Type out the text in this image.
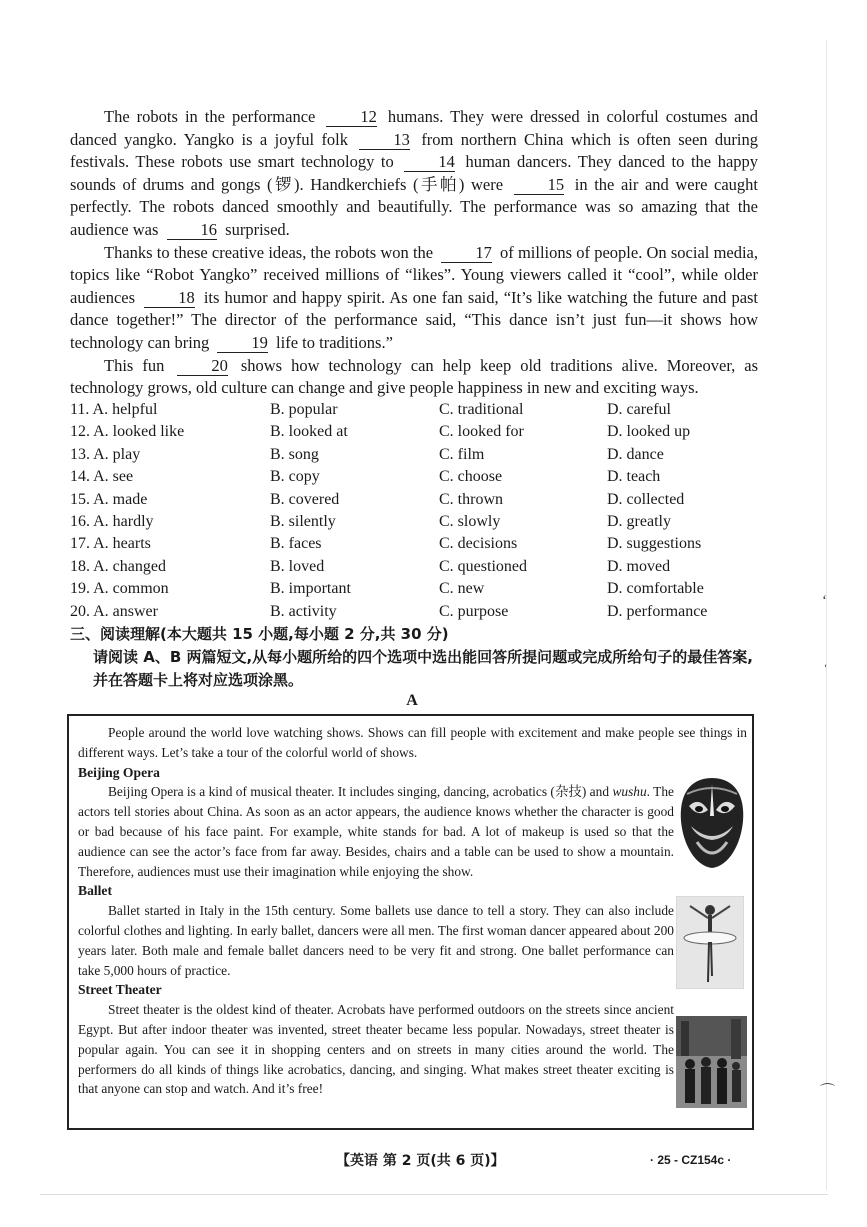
The robots in the performance	12 humans. They were dressed in colorful costumes and danced yangko. Yangko is a joyful folk	13 from northern China which is often seen during festivals. These robots use smart technology to	14 human dancers. They danced to the happy sounds of drums and gongs (锣). Handkerchiefs (手帕) were	15 in the air and were caught perfectly. The robots danced smoothly and beautifully. The performance was so amazing that the audience was	16 surprised.

Thanks to these creative ideas, the robots won the	17 of millions of people. On social media, topics like “Robot Yangko” received millions of “likes”. Young viewers called it “cool”, while older audiences	18 its humor and happy spirit. As one fan said, “It’s like watching the future and past dance together!” The director of the performance said, “This dance isn’t just fun—it shows how technology can bring	19 life to traditions.”

This fun	20 shows how technology can help keep old traditions alive. Moreover, as technology grows, old culture can change and give people happiness in new and exciting ways.

11. A. helpful	B. popular	C. traditional	D. careful
12. A. looked like	B. looked at	C. looked for	D. looked up
13. A. play	B. song	C. film	D. dance
14. A. see	B. copy	C. choose	D. teach
15. A. made	B. covered	C. thrown	D. collected
16. A. hardly	B. silently	C. slowly	D. greatly
17. A. hearts	B. faces	C. decisions	D. suggestions
18. A. changed	B. loved	C. questioned	D. moved
19. A. common	B. important	C. new	D. comfortable
20. A. answer	B. activity	C. purpose	D. performance
三、阅读理解(本大题共 15 小题,每小题 2 分,共 30 分)
请阅读 A、B 两篇短文,从每小题所给的四个选项中选出能回答所提问题或完成所给句子的最佳答案,并在答题卡上将对应选项涂黑。
A

People around the world love watching shows. Shows can fill people with excitement and make people see things in different ways. Let’s take a tour of the colorful world of shows.

Beijing Opera

Beijing Opera is a kind of musical theater. It includes singing, dancing, acrobatics (杂技) and wushu. The actors tell stories about China. As soon as an actor appears, the audience knows whether the character is good or bad because of his face paint. For example, white stands for bad. A lot of makeup is used so that the audience can see the actor’s face from far away. Besides, chairs and a table can be used to show a mountain. Therefore, audiences must use their imagination while enjoying the show.

Ballet

Ballet started in Italy in the 15th century. Some ballets use dance to tell a story. They can also include colorful clothes and lighting. In early ballet, dancers were all men. The first woman dancer appeared about 200 years later. Both male and female ballet dancers need to be very fit and strong. One ballet performance can take 5,000 hours of practice.

Street Theater

Street theater is the oldest kind of theater. Acrobats have performed outdoors on the streets since ancient Egypt. But after indoor theater was invented, street theater became less popular. Nowadays, street theater is popular again. You can see it in shopping centers and on streets in many cities around the world. The performers do all kinds of things like acrobatics, dancing, and singing. What makes street theater exciting is that anyone can stop and watch. And it’s free!

【英语 第 2 页(共 6 页)】	· 25 - CZ154c ·
ʻ
ˈ
⌒
